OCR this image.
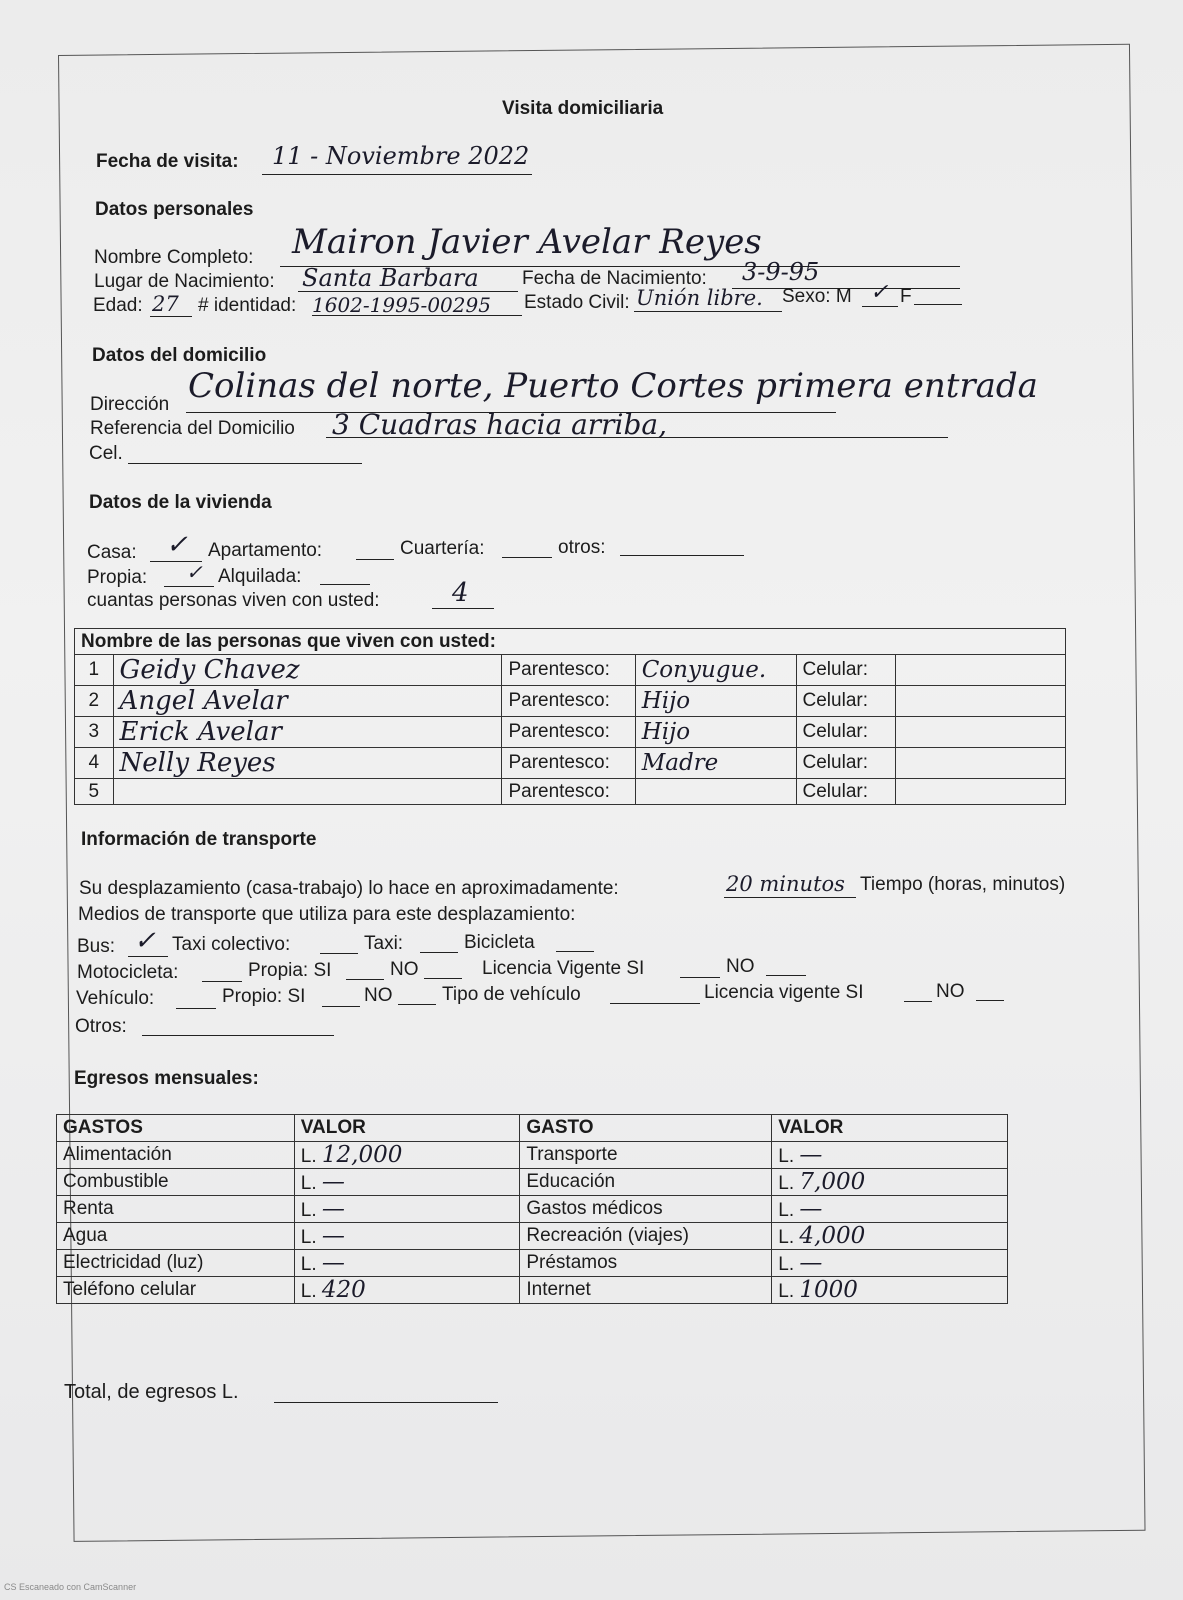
Visita domiciliaria
Fecha de visita: 11 - Noviembre 2022
Datos personales
Nombre Completo: Mairon Javier Avelar Reyes
Lugar de Nacimiento: Santa Barbara Fecha de Nacimiento: 3-9-95
Edad: 27 # identidad: 1602-1995-00295 Estado Civil: Unión libre. Sexo: M ✓ F
Datos del domicilio
Dirección Colinas del norte, Puerto Cortes primera entrada
Referencia del Domicilio 3 Cuadras hacia arriba,
Cel.
Datos de la vivienda
Casa: ✓ Apartamento:	Cuartería:	otros:
Propia: ✓ Alquilada:
cuantas personas viven con usted:	4
Nombre de las personas que viven con usted:					
1	Geidy Chavez	Parentesco:	Conyugue.	Celular:	
2	Angel Avelar	Parentesco:	Hijo	Celular:	
3	Erick Avelar	Parentesco:	Hijo	Celular:	
4	Nelly Reyes	Parentesco:	Madre	Celular:	
5		Parentesco:		Celular:	
Información de transporte
Su desplazamiento (casa-trabajo) lo hace en aproximadamente:	20 minutos Tiempo (horas, minutos)
Medios de transporte que utiliza para este desplazamiento:
Bus: ✓ Taxi colectivo:	Taxi:	Bicicleta
Motocicleta:	Propia: SI	NO	Licencia Vigente SI	NO
Vehículo:	Propio: SI	NO	Tipo de vehículo	Licencia vigente SI	NO
Otros:
Egresos mensuales:
GASTOS	VALOR	GASTO	VALOR
Alimentación	L. 12,000	Transporte	L. —
Combustible	L. —	Educación	L. 7,000
Renta	L. —	Gastos médicos	L. —
Agua	L. —	Recreación (viajes)	L. 4,000
Electricidad (luz)	L. —	Préstamos	L. —
Teléfono celular	L. 420	Internet	L. 1000
Total, de egresos L.
CS Escaneado con CamScanner
